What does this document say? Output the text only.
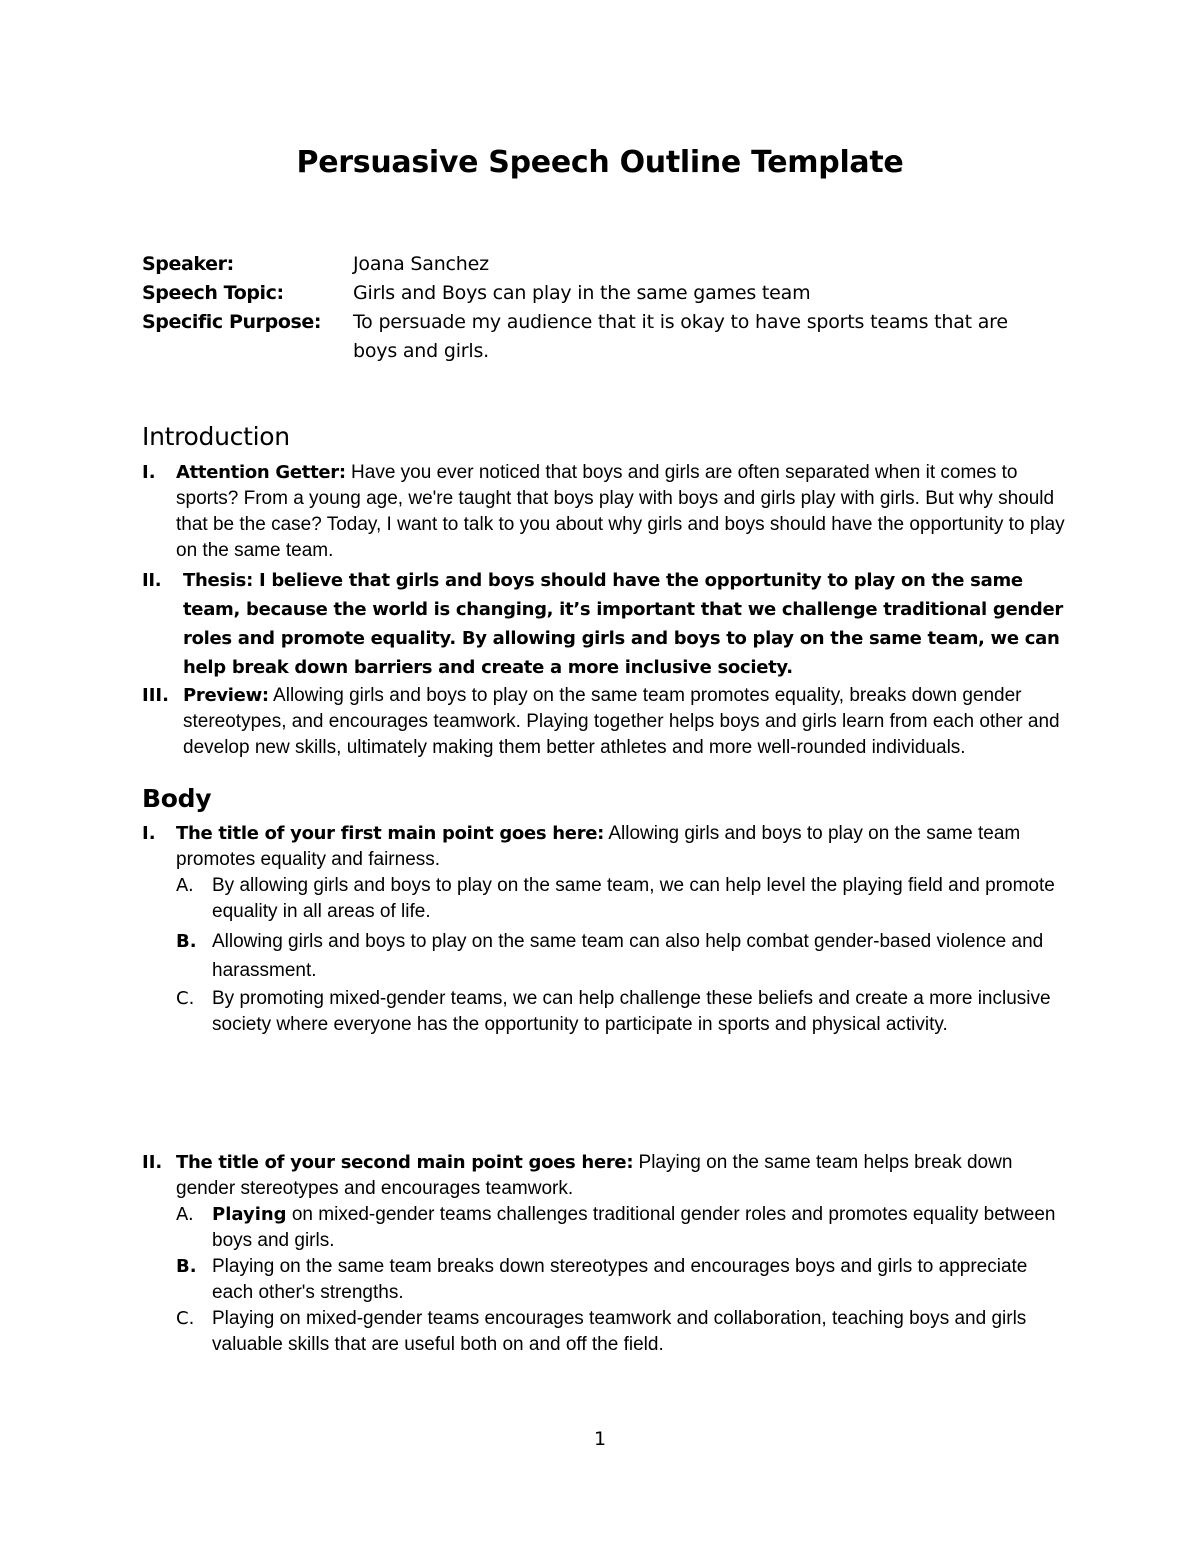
Persuasive Speech Outline Template
Speaker:	Joana Sanchez
Speech Topic:	Girls and Boys can play in the same games team
Specific Purpose:	To persuade my audience that it is okay to have sports teams that are boys and girls.
Introduction
I. Attention Getter: Have you ever noticed that boys and girls are often separated when it comes to sports? From a young age, we're taught that boys play with boys and girls play with girls. But why should that be the case? Today, I want to talk to you about why girls and boys should have the opportunity to play on the same team.
II. Thesis: I believe that girls and boys should have the opportunity to play on the same team, because the world is changing, it’s important that we challenge traditional gender roles and promote equality. By allowing girls and boys to play on the same team, we can help break down barriers and create a more inclusive society.
III. Preview: Allowing girls and boys to play on the same team promotes equality, breaks down gender stereotypes, and encourages teamwork. Playing together helps boys and girls learn from each other and develop new skills, ultimately making them better athletes and more well-rounded individuals.
Body
I. The title of your first main point goes here: Allowing girls and boys to play on the same team promotes equality and fairness.
A. By allowing girls and boys to play on the same team, we can help level the playing field and promote equality in all areas of life.
B. Allowing girls and boys to play on the same team can also help combat gender-based violence and harassment.
C. By promoting mixed-gender teams, we can help challenge these beliefs and create a more inclusive society where everyone has the opportunity to participate in sports and physical activity.
II. The title of your second main point goes here: Playing on the same team helps break down gender stereotypes and encourages teamwork.
A. Playing on mixed-gender teams challenges traditional gender roles and promotes equality between boys and girls.
B. Playing on the same team breaks down stereotypes and encourages boys and girls to appreciate each other's strengths.
C. Playing on mixed-gender teams encourages teamwork and collaboration, teaching boys and girls valuable skills that are useful both on and off the field.
1
